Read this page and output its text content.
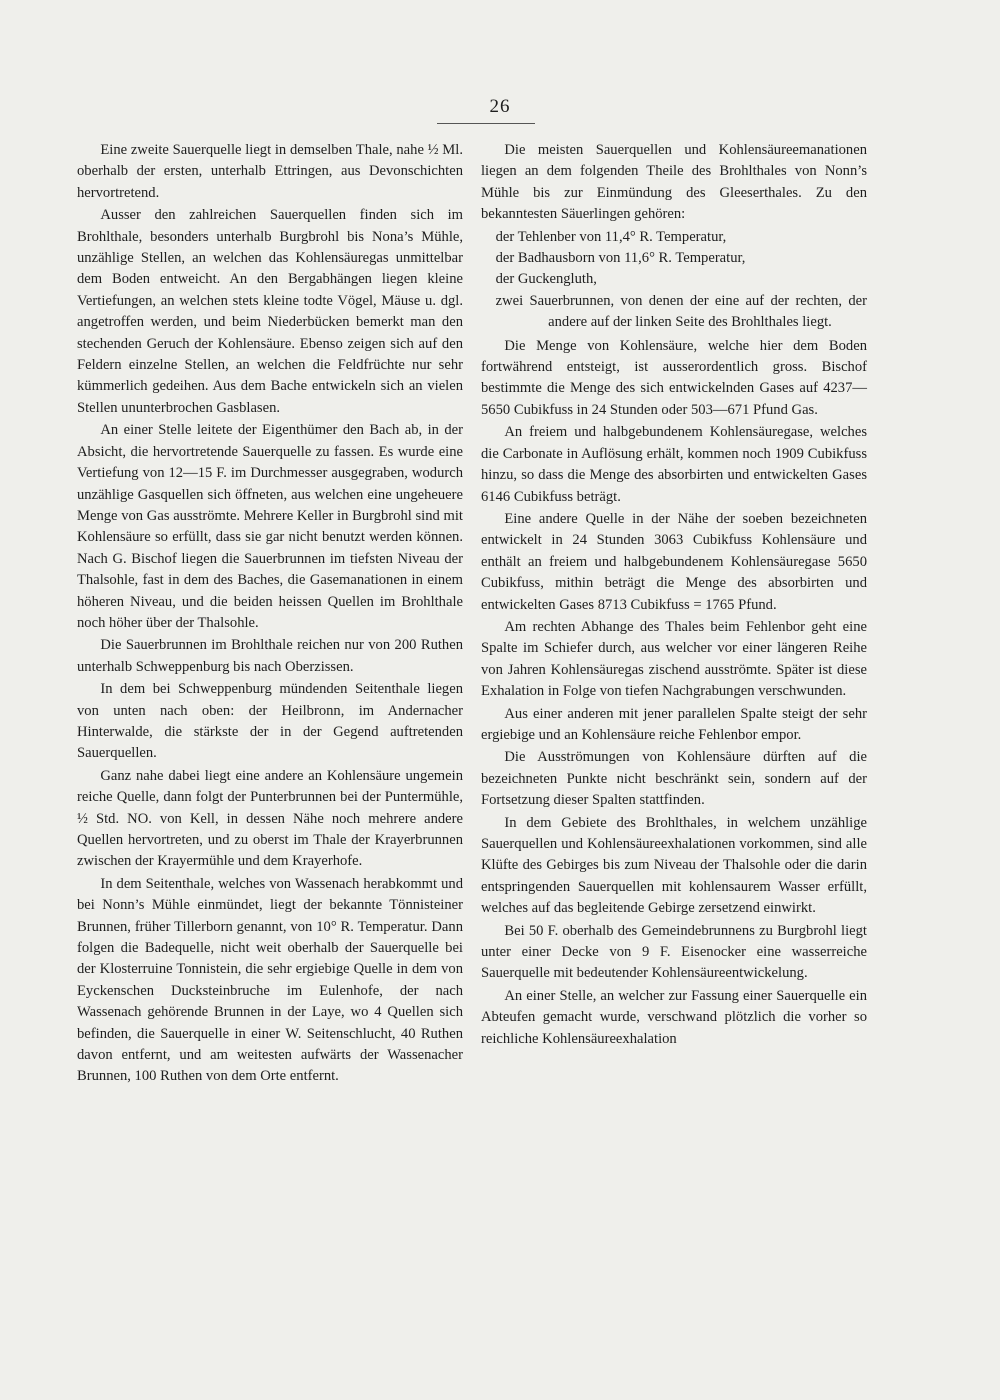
26

Eine zweite Sauerquelle liegt in demselben Thale, nahe ½ Ml. oberhalb der ersten, unterhalb Ettringen, aus Devonschichten hervortretend.

Ausser den zahlreichen Sauerquellen finden sich im Brohlthale, besonders unterhalb Burgbrohl bis Nona’s Mühle, unzählige Stellen, an welchen das Kohlensäuregas unmittelbar dem Boden entweicht. An den Bergabhängen liegen kleine Vertiefungen, an welchen stets kleine todte Vögel, Mäuse u. dgl. angetroffen werden, und beim Niederbücken bemerkt man den stechenden Geruch der Kohlensäure. Ebenso zeigen sich auf den Feldern einzelne Stellen, an welchen die Feldfrüchte nur sehr kümmerlich gedeihen. Aus dem Bache entwickeln sich an vielen Stellen ununterbrochen Gasblasen.

An einer Stelle leitete der Eigenthümer den Bach ab, in der Absicht, die hervortretende Sauerquelle zu fassen. Es wurde eine Vertiefung von 12—15 F. im Durchmesser ausgegraben, wodurch unzählige Gasquellen sich öffneten, aus welchen eine ungeheuere Menge von Gas ausströmte. Mehrere Keller in Burgbrohl sind mit Kohlensäure so erfüllt, dass sie gar nicht benutzt werden können. Nach G. Bischof liegen die Sauerbrunnen im tiefsten Niveau der Thalsohle, fast in dem des Baches, die Gasemanationen in einem höheren Niveau, und die beiden heissen Quellen im Brohlthale noch höher über der Thalsohle.

Die Sauerbrunnen im Brohlthale reichen nur von 200 Ruthen unterhalb Schweppenburg bis nach Oberzissen.

In dem bei Schweppenburg mündenden Seitenthale liegen von unten nach oben: der Heilbronn, im Andernacher Hinterwalde, die stärkste der in der Gegend auftretenden Sauerquellen.

Ganz nahe dabei liegt eine andere an Kohlensäure ungemein reiche Quelle, dann folgt der Punterbrunnen bei der Puntermühle, ½ Std. NO. von Kell, in dessen Nähe noch mehrere andere Quellen hervortreten, und zu oberst im Thale der Krayerbrunnen zwischen der Krayermühle und dem Krayerhofe.

In dem Seitenthale, welches von Wassenach herabkommt und bei Nonn’s Mühle einmündet, liegt der bekannte Tönnisteiner Brunnen, früher Tillerborn genannt, von 10° R. Temperatur. Dann folgen die Badequelle, nicht weit oberhalb der Sauerquelle bei der Klosterruine Tonnistein, die sehr ergiebige Quelle in dem von Eyckenschen Ducksteinbruche im Eulenhofe, der nach Wassenach gehörende Brunnen in der Laye, wo 4 Quellen sich befinden, die Sauerquelle in einer W. Seitenschlucht, 40 Ruthen davon entfernt, und am weitesten aufwärts der Wassenacher Brunnen, 100 Ruthen von dem Orte entfernt.

Die meisten Sauerquellen und Kohlensäureemanationen liegen an dem folgenden Theile des Brohlthales von Nonn’s Mühle bis zur Einmündung des Gleeserthales. Zu den bekanntesten Säuerlingen gehören:

der Tehlenber von 11,4° R. Temperatur,
der Badhausborn von 11,6° R. Temperatur,
der Guckengluth,
zwei Sauerbrunnen, von denen der eine auf der rechten, der andere auf der linken Seite des Brohlthales liegt.

Die Menge von Kohlensäure, welche hier dem Boden fortwährend entsteigt, ist ausserordentlich gross. Bischof bestimmte die Menge des sich entwickelnden Gases auf 4237—5650 Cubikfuss in 24 Stunden oder 503—671 Pfund Gas.

An freiem und halbgebundenem Kohlensäuregase, welches die Carbonate in Auflösung erhält, kommen noch 1909 Cubikfuss hinzu, so dass die Menge des absorbirten und entwickelten Gases 6146 Cubikfuss beträgt.

Eine andere Quelle in der Nähe der soeben bezeichneten entwickelt in 24 Stunden 3063 Cubikfuss Kohlensäure und enthält an freiem und halbgebundenem Kohlensäuregase 5650 Cubikfuss, mithin beträgt die Menge des absorbirten und entwickelten Gases 8713 Cubikfuss = 1765 Pfund.

Am rechten Abhange des Thales beim Fehlenbor geht eine Spalte im Schiefer durch, aus welcher vor einer längeren Reihe von Jahren Kohlensäuregas zischend ausströmte. Später ist diese Exhalation in Folge von tiefen Nachgrabungen verschwunden.

Aus einer anderen mit jener parallelen Spalte steigt der sehr ergiebige und an Kohlensäure reiche Fehlenbor empor.

Die Ausströmungen von Kohlensäure dürften auf die bezeichneten Punkte nicht beschränkt sein, sondern auf der Fortsetzung dieser Spalten stattfinden.

In dem Gebiete des Brohlthales, in welchem unzählige Sauerquellen und Kohlensäureexhalationen vorkommen, sind alle Klüfte des Gebirges bis zum Niveau der Thalsohle oder die darin entspringenden Sauerquellen mit kohlensaurem Wasser erfüllt, welches auf das begleitende Gebirge zersetzend einwirkt.

Bei 50 F. oberhalb des Gemeindebrunnens zu Burgbrohl liegt unter einer Decke von 9 F. Eisenocker eine wasserreiche Sauerquelle mit bedeutender Kohlensäureentwickelung.

An einer Stelle, an welcher zur Fassung einer Sauerquelle ein Abteufen gemacht wurde, verschwand plötzlich die vorher so reichliche Kohlensäureexhalation
